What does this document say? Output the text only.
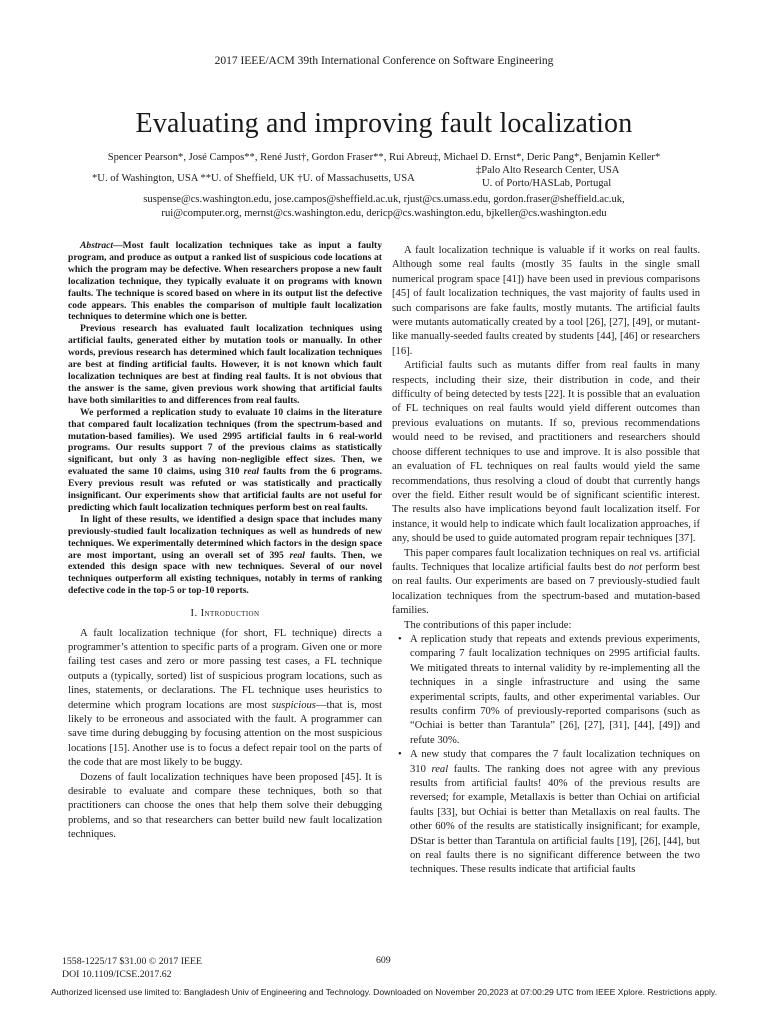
2017 IEEE/ACM 39th International Conference on Software Engineering
Evaluating and improving fault localization
Spencer Pearson*, José Campos**, René Just†, Gordon Fraser**, Rui Abreu‡, Michael D. Ernst*, Deric Pang*, Benjamin Keller*
*U. of Washington, USA **U. of Sheffield, UK †U. of Massachusetts, USA
‡Palo Alto Research Center, USA
U. of Porto/HASLab, Portugal
suspense@cs.washington.edu, jose.campos@sheffield.ac.uk, rjust@cs.umass.edu, gordon.fraser@sheffield.ac.uk,
rui@computer.org, mernst@cs.washington.edu, dericp@cs.washington.edu, bjkeller@cs.washington.edu

Abstract—Most fault localization techniques take as input a faulty program, and produce as output a ranked list of suspicious code locations at which the program may be defective. When researchers propose a new fault localization technique, they typically evaluate it on programs with known faults. The technique is scored based on where in its output list the defective code appears. This enables the comparison of multiple fault localization techniques to determine which one is better.

Previous research has evaluated fault localization techniques using artificial faults, generated either by mutation tools or manually. In other words, previous research has determined which fault localization techniques are best at finding artificial faults. However, it is not known which fault localization techniques are best at finding real faults. It is not obvious that the answer is the same, given previous work showing that artificial faults have both similarities to and differences from real faults.

We performed a replication study to evaluate 10 claims in the literature that compared fault localization techniques (from the spectrum-based and mutation-based families). We used 2995 artificial faults in 6 real-world programs. Our results support 7 of the previous claims as statistically significant, but only 3 as having non-negligible effect sizes. Then, we evaluated the same 10 claims, using 310 real faults from the 6 programs. Every previous result was refuted or was statistically and practically insignificant. Our experiments show that artificial faults are not useful for predicting which fault localization techniques perform best on real faults.

In light of these results, we identified a design space that includes many previously-studied fault localization techniques as well as hundreds of new techniques. We experimentally determined which factors in the design space are most important, using an overall set of 395 real faults. Then, we extended this design space with new techniques. Several of our novel techniques outperform all existing techniques, notably in terms of ranking defective code in the top-5 or top-10 reports.

I. Introduction

A fault localization technique (for short, FL technique) directs a programmer’s attention to specific parts of a program. Given one or more failing test cases and zero or more passing test cases, a FL technique outputs a (typically, sorted) list of suspicious program locations, such as lines, statements, or declarations. The FL technique uses heuristics to determine which program locations are most suspicious—that is, most likely to be erroneous and associated with the fault. A programmer can save time during debugging by focusing attention on the most suspicious locations [15]. Another use is to focus a defect repair tool on the parts of the code that are most likely to be buggy.

Dozens of fault localization techniques have been proposed [45]. It is desirable to evaluate and compare these techniques, both so that practitioners can choose the ones that help them solve their debugging problems, and so that researchers can better build new fault localization techniques.

A fault localization technique is valuable if it works on real faults. Although some real faults (mostly 35 faults in the single small numerical program space [41]) have been used in previous comparisons [45] of fault localization techniques, the vast majority of faults used in such comparisons are fake faults, mostly mutants. The artificial faults were mutants automatically created by a tool [26], [27], [49], or mutant-like manually-seeded faults created by students [44], [46] or researchers [16].

Artificial faults such as mutants differ from real faults in many respects, including their size, their distribution in code, and their difficulty of being detected by tests [22]. It is possible that an evaluation of FL techniques on real faults would yield different outcomes than previous evaluations on mutants. If so, previous recommendations would need to be revised, and practitioners and researchers should choose different techniques to use and improve. It is also possible that an evaluation of FL techniques on real faults would yield the same recommendations, thus resolving a cloud of doubt that currently hangs over the field. Either result would be of significant scientific interest. The results also have implications beyond fault localization itself. For instance, it would help to indicate which fault localization approaches, if any, should be used to guide automated program repair techniques [37].

This paper compares fault localization techniques on real vs. artificial faults. Techniques that localize artificial faults best do not perform best on real faults. Our experiments are based on 7 previously-studied fault localization techniques from the spectrum-based and mutation-based families.

The contributions of this paper include:

• A replication study that repeats and extends previous experiments, comparing 7 fault localization techniques on 2995 artificial faults. We mitigated threats to internal validity by re-implementing all the techniques in a single infrastructure and using the same experimental scripts, faults, and other experimental variables. Our results confirm 70% of previously-reported comparisons (such as “Ochiai is better than Tarantula” [26], [27], [31], [44], [49]) and refute 30%.
• A new study that compares the 7 fault localization techniques on 310 real faults. The ranking does not agree with any previous results from artificial faults! 40% of the previous results are reversed; for example, Metallaxis is better than Ochiai on artificial faults [33], but Ochiai is better than Metallaxis on real faults. The other 60% of the results are statistically insignificant; for example, DStar is better than Tarantula on artificial faults [19], [26], [44], but on real faults there is no significant difference between the two techniques. These results indicate that artificial faults
1558-1225/17 $31.00 © 2017 IEEE
DOI 10.1109/ICSE.2017.62
609
Authorized licensed use limited to: Bangladesh Univ of Engineering and Technology. Downloaded on November 20,2023 at 07:00:29 UTC from IEEE Xplore. Restrictions apply.
